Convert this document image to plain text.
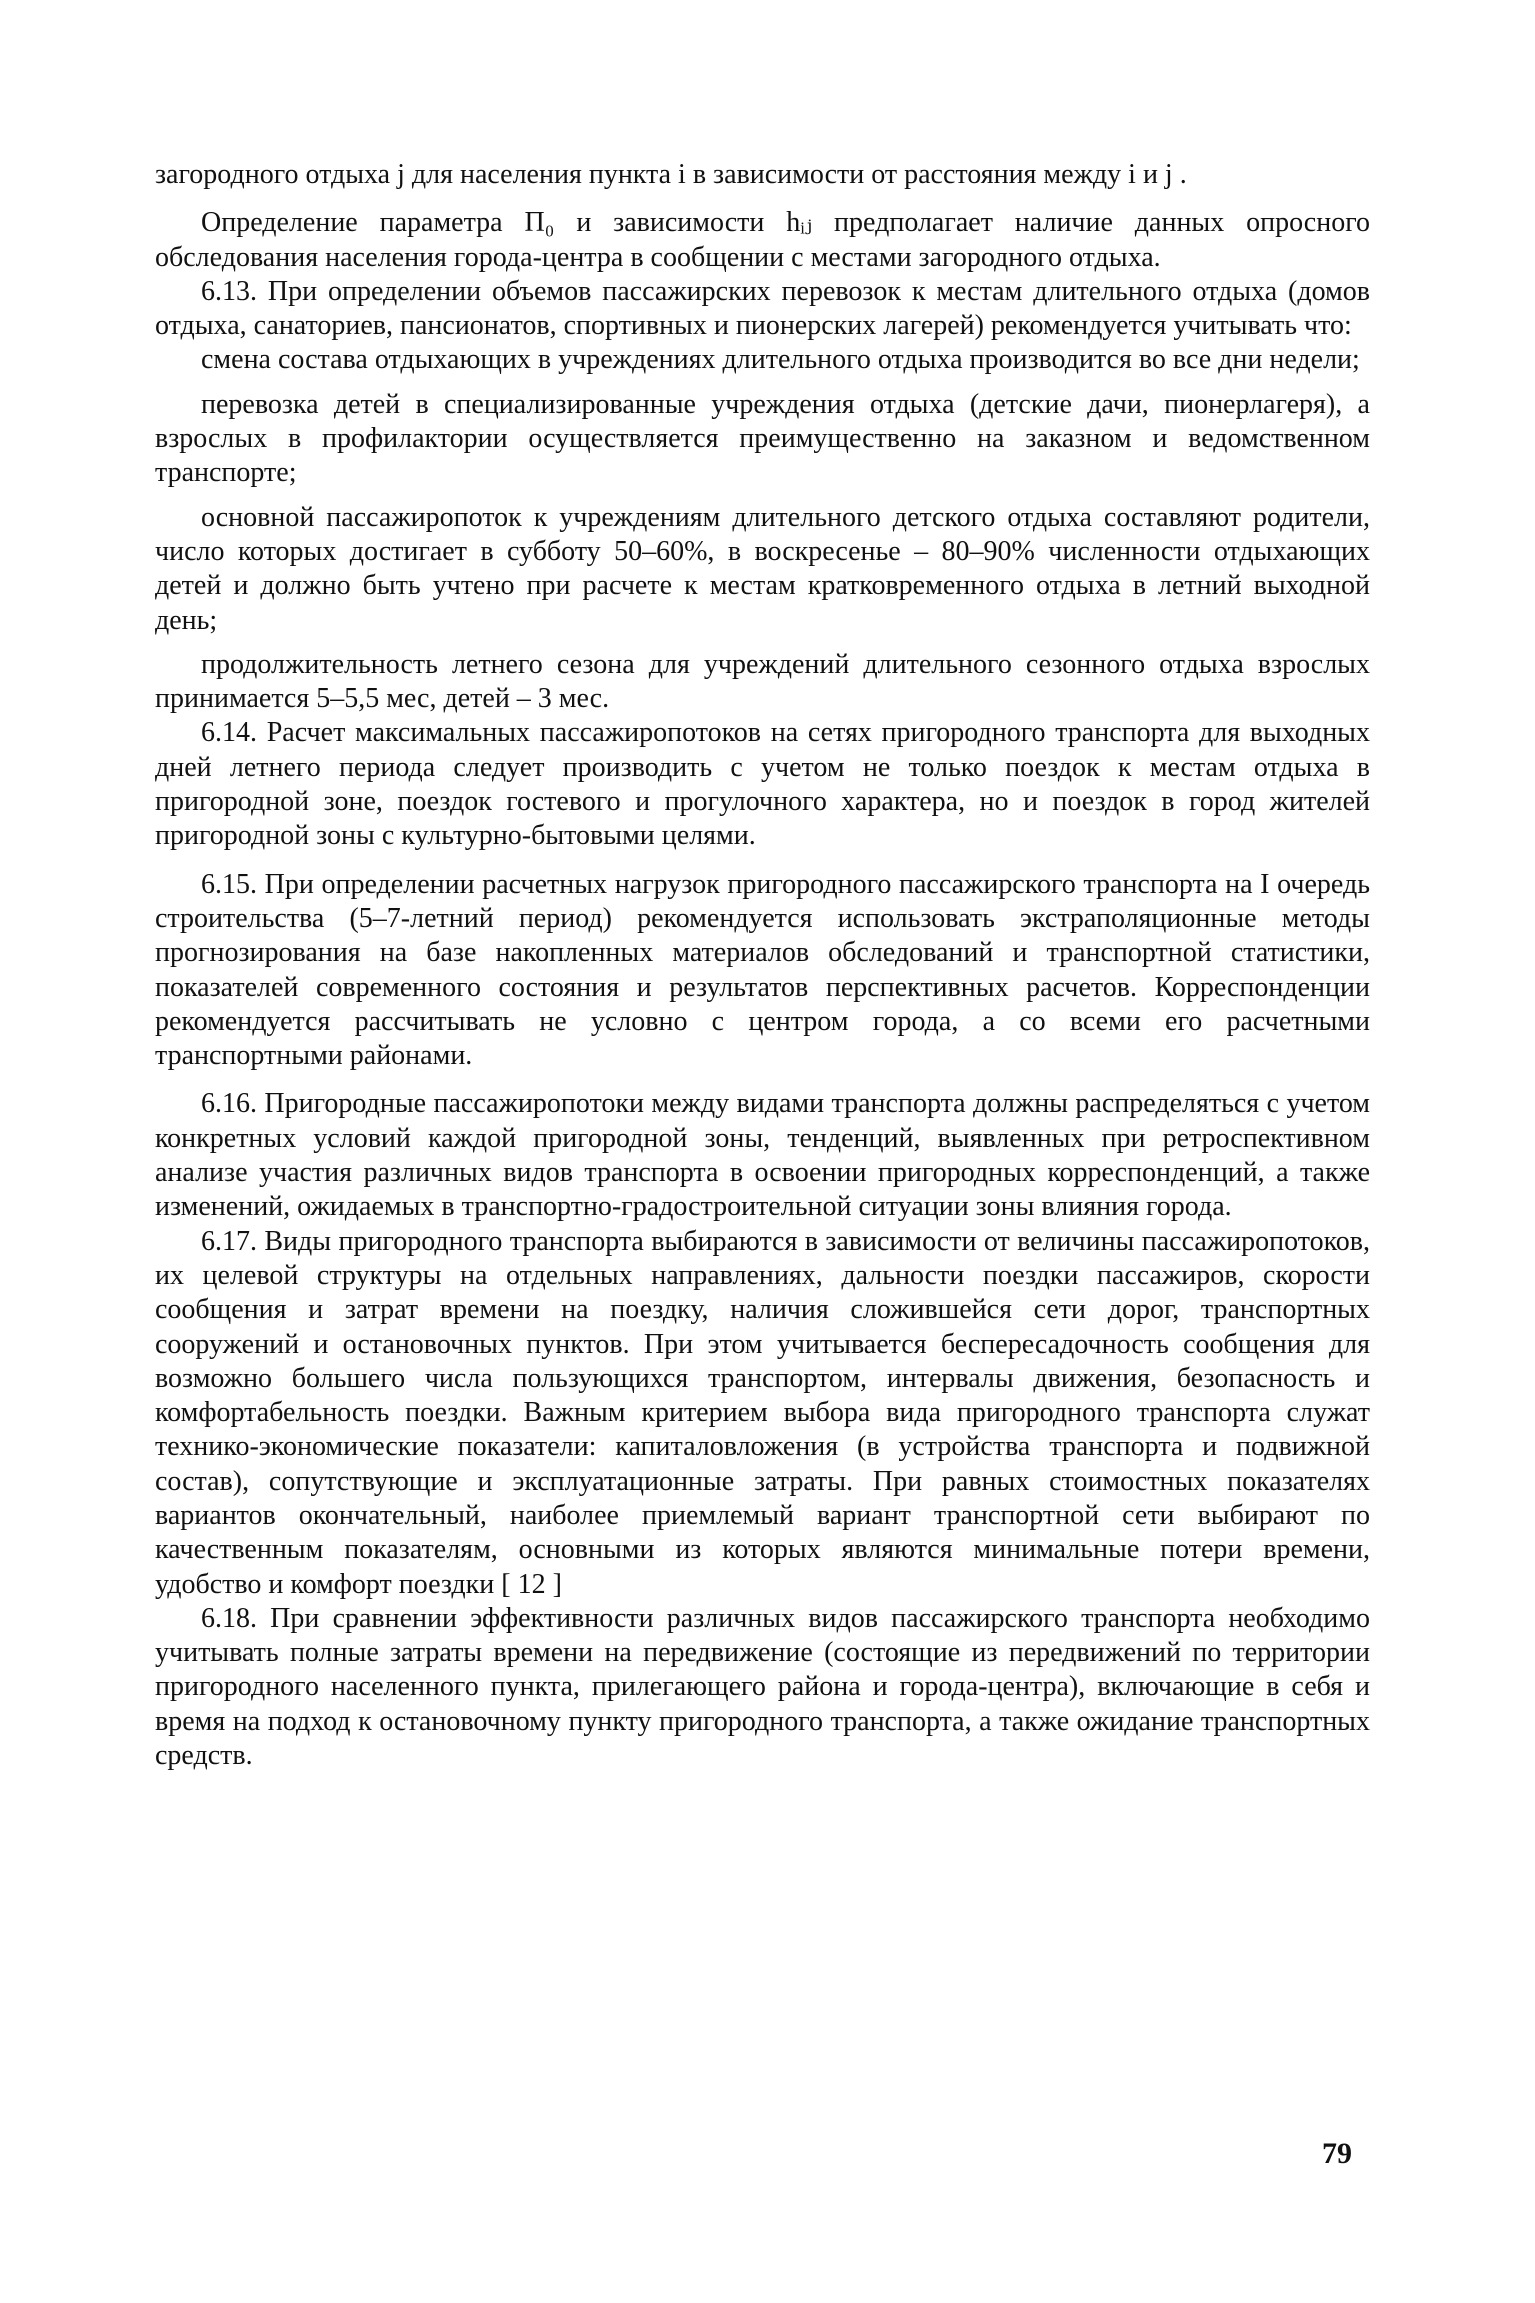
загородного отдыха j для населения пункта i в зависимости от расстояния между i и j .

Определение параметра Π₀ и зависимости hᵢⱼ предполагает наличие данных опросного обследования населения города-центра в сообщении с местами загородного отдыха.

6.13. При определении объемов пассажирских перевозок к местам длительного отдыха (домов отдыха, санаториев, пансионатов, спортивных и пионерских лагерей) рекомендуется учитывать что:

смена состава отдыхающих в учреждениях длительного отдыха производится во все дни недели;

перевозка детей в специализированные учреждения отдыха (детские дачи, пионерлагеря), а взрослых в профилактории осуществляется преимущественно на заказном и ведомственном транспорте;

основной пассажиропоток к учреждениям длительного детского отдыха составляют родители, число которых достигает в субботу 50–60%, в воскресенье – 80–90% численности отдыхающих детей и должно быть учтено при расчете к местам кратковременного отдыха в летний выходной день;

продолжительность летнего сезона для учреждений длительного сезонного отдыха взрослых принимается 5–5,5 мес, детей – 3 мес.

6.14. Расчет максимальных пассажиропотоков на сетях пригородного транспорта для выходных дней летнего периода следует производить с учетом не только поездок к местам отдыха в пригородной зоне, поездок гостевого и прогулочного характера, но и поездок в город жителей пригородной зоны с культурно-бытовыми целями.

6.15. При определении расчетных нагрузок пригородного пассажирского транспорта на I очередь строительства (5–7-летний период) рекомендуется использовать экстраполяционные методы прогнозирования на базе накопленных материалов обследований и транспортной статистики, показателей современного состояния и результатов перспективных расчетов. Корреспонденции рекомендуется рассчитывать не условно с центром города, а со всеми его расчетными транспортными районами.

6.16. Пригородные пассажиропотоки между видами транспорта должны распределяться с учетом конкретных условий каждой пригородной зоны, тенденций, выявленных при ретроспективном анализе участия различных видов транспорта в освоении пригородных корреспонденций, а также изменений, ожидаемых в транспортно-градостроительной ситуации зоны влияния города.

6.17. Виды пригородного транспорта выбираются в зависимости от величины пассажиропотоков, их целевой структуры на отдельных направлениях, дальности поездки пассажиров, скорости сообщения и затрат времени на поездку, наличия сложившейся сети дорог, транспортных сооружений и остановочных пунктов. При этом учитывается беспересадочность сообщения для возможно большего числа пользующихся транспортом, интервалы движения, безопасность и комфортабельность поездки. Важным критерием выбора вида пригородного транспорта служат технико-экономические показатели: капиталовложения (в устройства транспорта и подвижной состав), сопутствующие и эксплуатационные затраты. При равных стоимостных показателях вариантов окончательный, наиболее приемлемый вариант транспортной сети выбирают по качественным показателям, основными из которых являются минимальные потери времени, удобство и комфорт поездки [ 12 ]

6.18. При сравнении эффективности различных видов пассажирского транспорта необходимо учитывать полные затраты времени на передвижение (состоящие из передвижений по территории пригородного населенного пункта, прилегающего района и города-центра), включающие в себя и время на подход к остановочному пункту пригородного транспорта, а также ожидание транспортных средств.

79
